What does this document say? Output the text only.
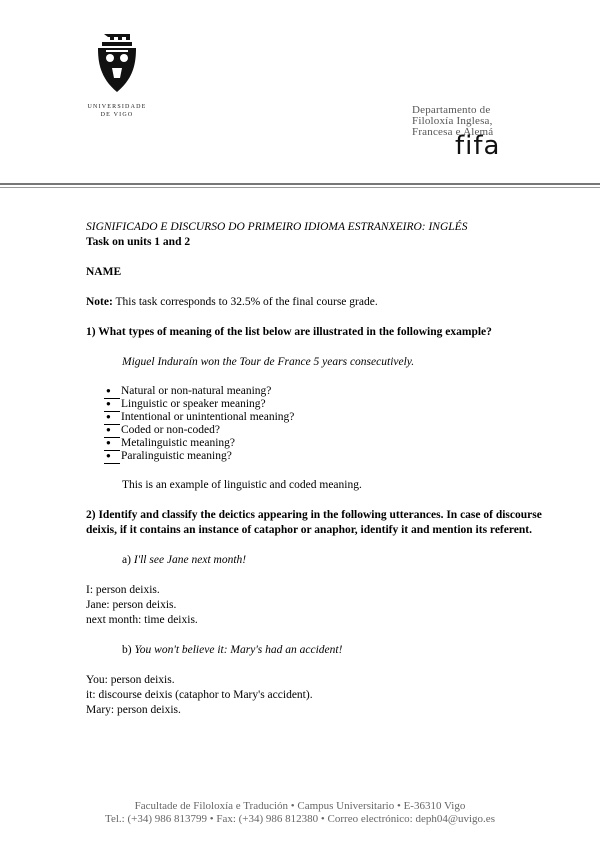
UNIVERSIDADE
DE VIGO	Departamento de
Filoloxía Inglesa,
Francesa e Alemá
fifa

SIGNIFICADO E DISCURSO DO PRIMEIRO IDIOMA ESTRANXEIRO: INGLÉS

Task on units 1 and 2

NAME

Note: This task corresponds to 32.5% of the final course grade.

1) What types of meaning of the list below are illustrated in the following example?

Miguel Induraín won the Tour de France 5 years consecutively.

●
Natural or non-natural meaning?
●
Linguistic or speaker meaning?
●
Intentional or unintentional meaning?
●
Coded or non-coded?
●
Metalinguistic meaning?
●
Paralinguistic meaning?

This is an example of linguistic and coded meaning.

2) Identify and classify the deictics appearing in the following utterances. In case of discourse deixis, if it contains an instance of cataphor or anaphor, identify it and mention its referent.

a) I'll see Jane next month!

I: person deixis.

Jane: person deixis.

next month: time deixis.

b) You won't believe it: Mary's had an accident!

You: person deixis.

it: discourse deixis (cataphor to Mary's accident).

Mary: person deixis.

Facultade de Filoloxía e Tradución • Campus Universitario • E-36310 Vigo
Tel.: (+34) 986 813799 • Fax: (+34) 986 812380 • Correo electrónico: deph04@uvigo.es
